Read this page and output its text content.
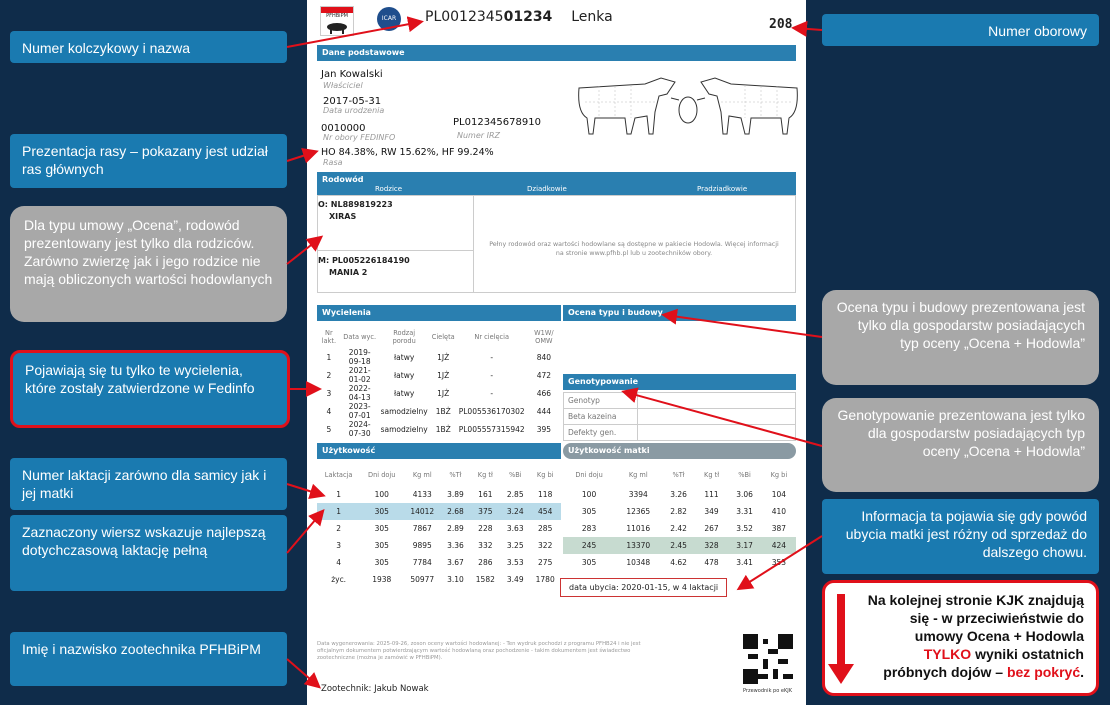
PFHBiPM	ICAR	PL001234501234 Lenka	208
Dane podstawowe
Jan Kowalski
Właściciel
2017-05-31
Data urodzenia
0010000
Nr obory FEDINFO
PL012345678910
Numer IRZ
HO 84.38%, RW 15.62%, HF 99.24%
Rasa
Rodowód
Rodzice	Dziadkowie	Pradziadkowie
O: NL889819223
XIRAS
M: PL005226184190
MANIA 2
Pełny rodowód oraz wartości hodowlane są dostępne w pakiecie Hodowla. Więcej informacji
na stronie www.pfhb.pl lub u zootechników obory.
Wycielenia	Ocena typu i budowy
Nr lakt.	Data wyc.	Rodzaj porodu	Cielęta	Nr cielęcia	W1W/ OMW
1	2019-09-18	łatwy	1JŻ	-	840
2	2021-01-02	łatwy	1JŻ	-	472
3	2022-04-13	łatwy	1JŻ	-	466
4	2023-07-01	samodzielny	1BŻ	PL005536170302	444
5	2024-07-30	samodzielny	1BŻ	PL005557315942	395
Genotypowanie
Genotyp	
Beta kazeina	
Defekty gen.	
Użytkowość	Użytkowość matki
Laktacja	Dni doju	Kg ml	%Tł	Kg tł	%Bi	Kg bi
1	100	4133	3.89	161	2.85	118
1	305	14012	2.68	375	3.24	454
2	305	7867	2.89	228	3.63	285
3	305	9895	3.36	332	3.25	322
4	305	7784	3.67	286	3.53	275
życ.	1938	50977	3.10	1582	3.49	1780
Dni doju	Kg ml	%Tł	Kg tł	%Bi	Kg bi
100	3394	3.26	111	3.06	104
305	12365	2.82	349	3.31	410
283	11016	2.42	267	3.52	387
245	13370	2.45	328	3.17	424
305	10348	4.62	478	3.41	353
data ubycia: 2020-01-15, w 4 laktacji
Data wygenerowania: 2025-09-26, zoson oceny wartości hodowlanej: - Ten wydruk pochodzi z programu PFHB24 i nie jest
oficjalnym dokumentem potwierdzającym wartość hodowlaną oraz pochodzenie - takim dokumentem jest świadectwo
zootechniczne (można je zamówić w PFHBiPM).
Zootechnik: Jakub Nowak	Przewodnik po eKJK
Numer kolczykowy i nazwa
Numer oborowy
Prezentacja rasy – pokazany jest udział ras głównych
Dla typu umowy „Ocena”, rodowód prezentowany jest tylko dla rodziców. Zarówno zwierzę jak i jego rodzice nie mają obliczonych wartości hodowlanych
Ocena typu i budowy prezentowana jest tylko dla gospodarstw posiadających typ oceny „Ocena + Hodowla”
Pojawiają się tu tylko te wycielenia, które zostały zatwierdzone w Fedinfo
Genotypowanie prezentowana jest tylko dla gospodarstw posiadających typ oceny „Ocena + Hodowla”
Numer laktacji zarówno dla samicy jak i jej matki
Zaznaczony wiersz wskazuje najlepszą dotychczasową laktację pełną
Informacja ta pojawia się gdy powód ubycia matki jest różny od sprzedaż do dalszego chowu.
Imię i nazwisko zootechnika PFHBiPM
Na kolejnej stronie KJK znajdują się - w przeciwieństwie do umowy Ocena + Hodowla TYLKO wyniki ostatnich próbnych dojów – bez pokryć.
